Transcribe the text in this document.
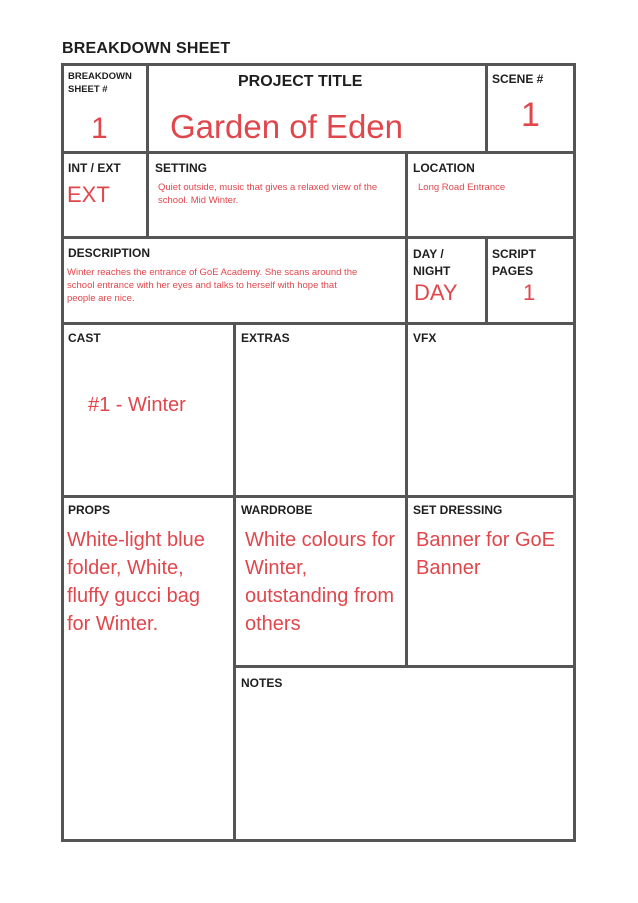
BREAKDOWN SHEET
BREAKDOWN SHEET #
1
PROJECT TITLE
Garden of Eden
SCENE #
1
INT / EXT
EXT
SETTING
Quiet outside, music that gives a relaxed view of the school. Mid Winter.
LOCATION
Long Road Entrance
DESCRIPTION
Winter reaches the entrance of GoE Academy. She scans around the school entrance with her eyes and talks to herself with hope that people are nice.
DAY / NIGHT
DAY
SCRIPT PAGES
1
CAST
#1 - Winter
EXTRAS	VFX
PROPS
White-light blue folder, White, fluffy gucci bag for Winter.
WARDROBE
White colours for Winter, outstanding from others
SET DRESSING
Banner for GoE Banner
NOTES
